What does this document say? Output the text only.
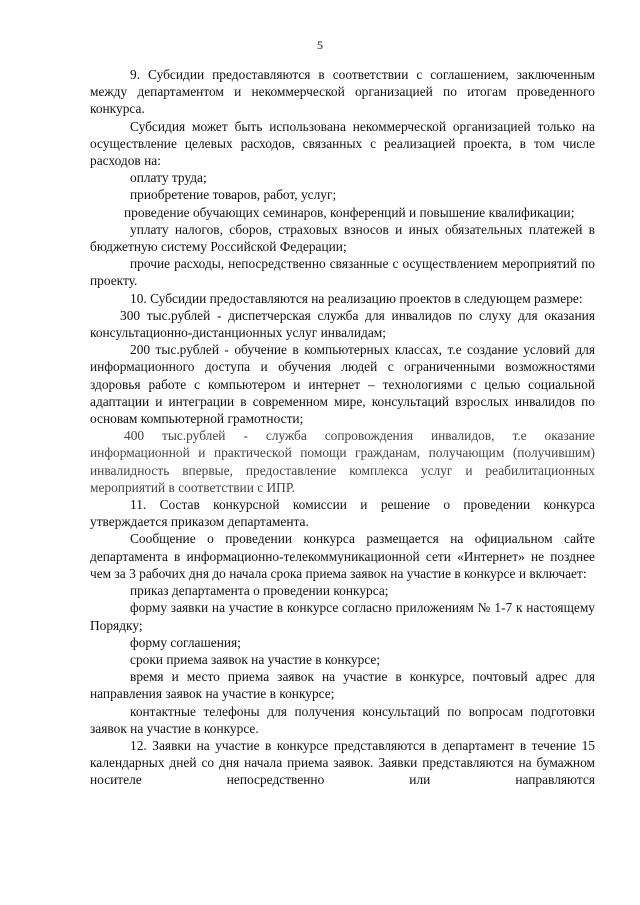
5

9. Субсидии предоставляются в соответствии с соглашением, заключенным между департаментом и некоммерческой организацией по итогам проведенного конкурса.

Субсидия может быть использована некоммерческой организацией только на осуществление целевых расходов, связанных с реализацией проекта, в том числе расходов на:

оплату труда;

приобретение товаров, работ, услуг;

проведение обучающих семинаров, конференций и повышение квалификации;

уплату налогов, сборов, страховых взносов и иных обязательных платежей в бюджетную систему Российской Федерации;

прочие расходы, непосредственно связанные с осуществлением мероприятий по проекту.

10. Субсидии предоставляются на реализацию проектов в следующем размере:

300 тыс.рублей - диспетчерская служба для инвалидов по слуху для оказания консультационно-дистанционных услуг инвалидам;

200 тыс.рублей - обучение в компьютерных классах, т.е создание условий для информационного доступа и обучения людей с ограниченными возможностями здоровья работе с компьютером и интернет – технологиями с целью социальной адаптации и интеграции в современном мире, консультаций взрослых инвалидов по основам компьютерной грамотности;

400 тыс.рублей - служба сопровождения инвалидов, т.е оказание информационной и практической помощи гражданам, получающим (получившим) инвалидность впервые, предоставление комплекса услуг и реабилитационных мероприятий в соответствии с ИПР.

11. Состав конкурсной комиссии и решение о проведении конкурса утверждается приказом департамента.

Сообщение о проведении конкурса размещается на официальном сайте департамента в информационно-телекоммуникационной сети «Интернет» не позднее чем за 3 рабочих дня до начала срока приема заявок на участие в конкурсе и включает:

приказ департамента о проведении конкурса;

форму заявки на участие в конкурсе согласно приложениям № 1-7 к настоящему Порядку;

форму соглашения;

сроки приема заявок на участие в конкурсе;

время и место приема заявок на участие в конкурсе, почтовый адрес для направления заявок на участие в конкурсе;

контактные телефоны для получения консультаций по вопросам подготовки заявок на участие в конкурсе.

12. Заявки на участие в конкурсе представляются в департамент в течение 15 календарных дней со дня начала приема заявок. Заявки представляются на бумажном носителе непосредственно или направляются
